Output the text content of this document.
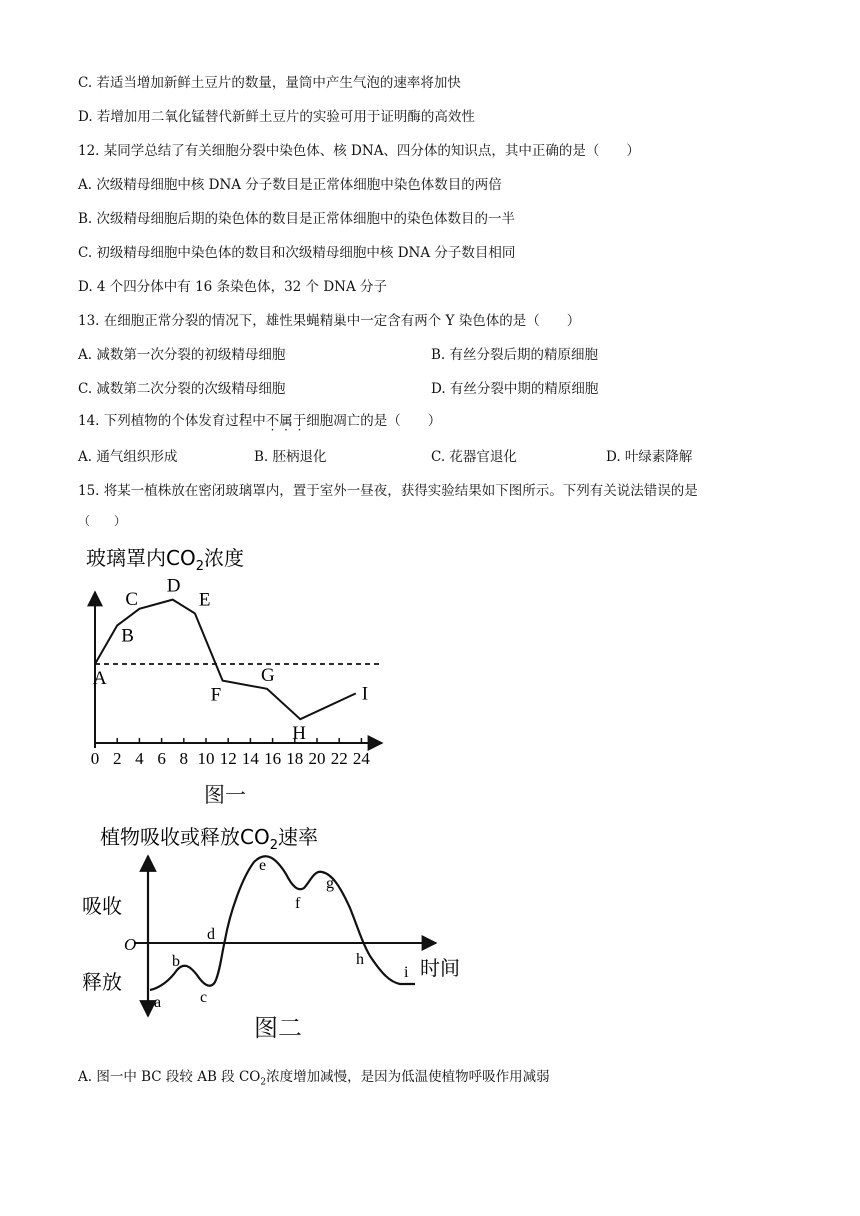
C. 若适当增加新鲜土豆片的数量，量筒中产生气泡的速率将加快
D. 若增加用二氧化锰替代新鲜土豆片的实验可用于证明酶的高效性
12. 某同学总结了有关细胞分裂中染色体、核 DNA、四分体的知识点，其中正确的是（　　）
A. 次级精母细胞中核 DNA 分子数目是正常体细胞中染色体数目的两倍
B. 次级精母细胞后期的染色体的数目是正常体细胞中的染色体数目的一半
C. 初级精母细胞中染色体的数目和次级精母细胞中核 DNA 分子数目相同
D. 4 个四分体中有 16 条染色体，32 个 DNA 分子
13. 在细胞正常分裂的情况下，雄性果蝇精巢中一定含有两个 Y 染色体的是（　　）
A. 减数第一次分裂的初级精母细胞	B. 有丝分裂后期的精原细胞
C. 减数第二次分裂的次级精母细胞	D. 有丝分裂中期的精原细胞
14. 下列植物的个体发育过程中不属于细胞凋亡的是（　　）
A. 通气组织形成	B. 胚柄退化	C. 花器官退化	D. 叶绿素降解
15. 将某一植株放在密闭玻璃罩内，置于室外一昼夜，获得实验结果如下图所示。下列有关说法错误的是
（　　）
玻璃罩内$CO_2$浓度
A
B
C
D
E
F
G
H
I
0 2 4 6 8 10 12 14 16 18 20 22 24
图一
植物吸收或释放$CO_2$速率
吸收
释放
O
时间
a
b
c
d
e
f
g
h
i
图二
A. 图一中 BC 段较 AB 段 $CO_2$浓度增加减慢，是因为低温使植物呼吸作用减弱
